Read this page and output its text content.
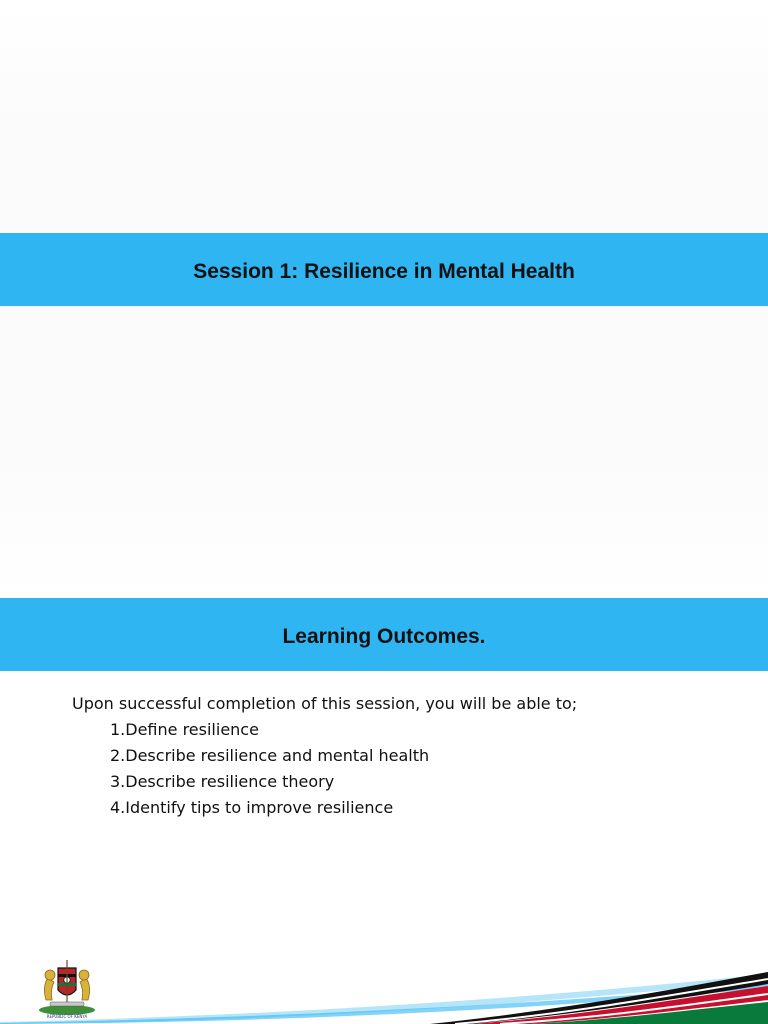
Session 1: Resilience in Mental Health
Learning Outcomes.
Upon successful completion of this session, you will be able to;
1.Define resilience
2.Describe resilience and mental health
3.Describe resilience theory
4.Identify tips to improve resilience
REPUBLIC OF KENYA
